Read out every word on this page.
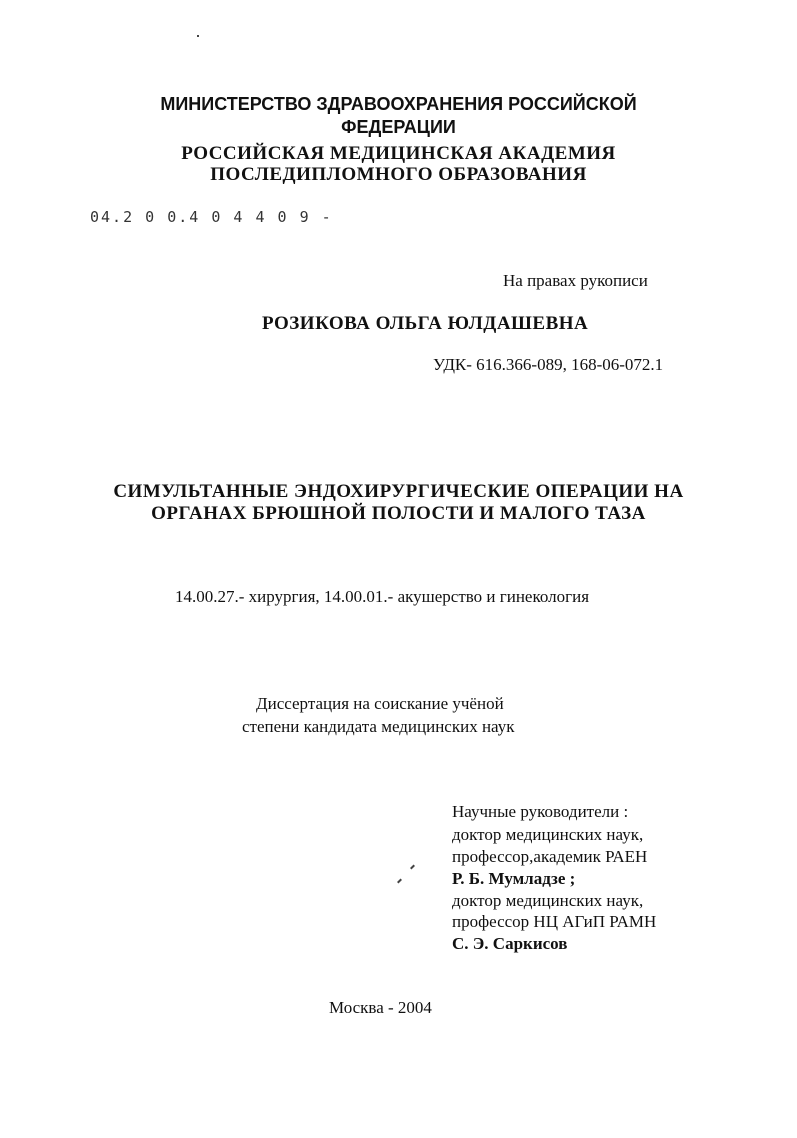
МИНИСТЕРСТВО ЗДРАВООХРАНЕНИЯ РОССИЙСКОЙ
ФЕДЕРАЦИИ
РОССИЙСКАЯ МЕДИЦИНСКАЯ АКАДЕМИЯ
ПОСЛЕДИПЛОМНОГО ОБРАЗОВАНИЯ
04.2 0 0.4 0 4 4 0 9 -
На правах рукописи
РОЗИКОВА ОЛЬГА ЮЛДАШЕВНА
УДК- 616.366-089, 168-06-072.1
СИМУЛЬТАННЫЕ ЭНДОХИРУРГИЧЕСКИЕ ОПЕРАЦИИ НА
ОРГАНАХ БРЮШНОЙ ПОЛОСТИ И МАЛОГО ТАЗА
14.00.27.- хирургия, 14.00.01.- акушерство и гинекология
Диссертация на соискание учёной
степени кандидата медицинских наук
Научные руководители :
доктор медицинских наук,
профессор,академик РАЕН
Р. Б. Мумладзе ;
доктор медицинских наук,
профессор НЦ АГиП РАМН
С. Э. Саркисов
Москва - 2004
